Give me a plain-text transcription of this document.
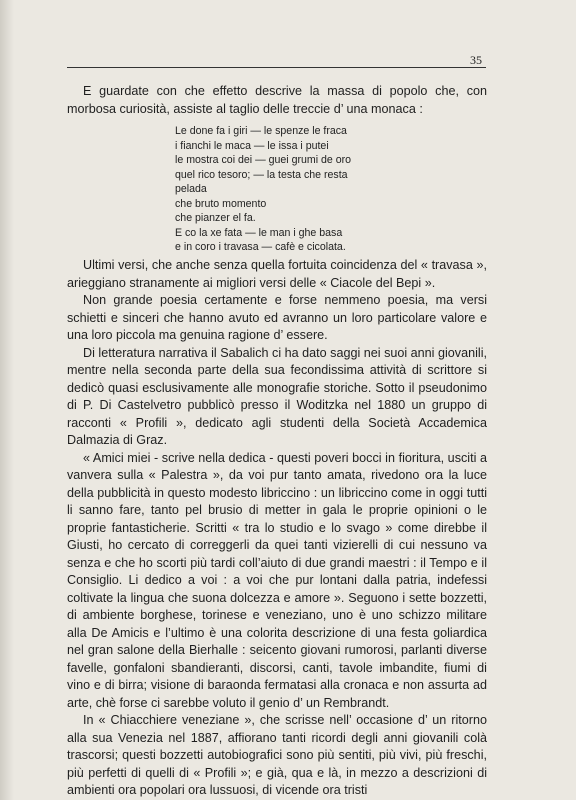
35

E guardate con che effetto descrive la massa di popolo che, con morbosa curiosità, assiste al taglio delle treccie d’ una monaca :

Le done fa i giri — le spenze le fraca
i fianchi le maca — le issa i putei
le mostra coi dei — guei grumi de oro
quel rico tesoro; — la testa che resta
pelada
che bruto momento
che pianzer el fa.
E co la xe fata — le man i ghe basa
e in coro i travasa — cafè e cicolata.

Ultimi versi, che anche senza quella fortuita coincidenza del « travasa », arieggiano stranamente ai migliori versi delle « Ciacole del Bepi ».

Non grande poesia certamente e forse nemmeno poesia, ma versi schietti e sinceri che hanno avuto ed avranno un loro particolare valore e una loro piccola ma genuina ragione d’ essere.

Di letteratura narrativa il Sabalich ci ha dato saggi nei suoi anni giovanili, mentre nella seconda parte della sua fecondissima attività di scrittore si dedicò quasi esclusivamente alle monografie storiche. Sotto il pseudonimo di P. Di Castelvetro pubblicò presso il Woditzka nel 1880 un gruppo di racconti « Profili », dedicato agli studenti della Società Accademica Dalmazia di Graz.

« Amici miei - scrive nella dedica - questi poveri bocci in fioritura, usciti a vanvera sulla « Palestra », da voi pur tanto amata, rivedono ora la luce della pubblicità in questo modesto libriccino : un libriccino come in oggi tutti li sanno fare, tanto pel brusio di metter in gala le proprie opinioni o le proprie fantasticherie. Scritti « tra lo studio e lo svago » come direbbe il Giusti, ho cercato di correggerli da quei tanti vizierelli di cui nessuno va senza e che ho scorti più tardi coll’aiuto di due grandi maestri : il Tempo e il Consiglio. Li dedico a voi : a voi che pur lontani dalla patria, indefessi coltivate la lingua che suona dolcezza e amore ». Seguono i sette bozzetti, di ambiente borghese, torinese e veneziano, uno è uno schizzo militare alla De Amicis e l’ultimo è una colorita descrizione di una festa goliardica nel gran salone della Bierhalle : seicento giovani rumorosi, parlanti diverse favelle, gonfaloni sbandieranti, discorsi, canti, tavole imbandite, fiumi di vino e di birra; visione di baraonda fermatasi alla cronaca e non assurta ad arte, chè forse ci sarebbe voluto il genio d’ un Rembrandt.

In « Chiacchiere veneziane », che scrisse nell’ occasione d’ un ritorno alla sua Venezia nel 1887, affiorano tanti ricordi degli anni giovanili colà trascorsi; questi bozzetti autobiografici sono più sentiti, più vivi, più freschi, più perfetti di quelli di « Profili »; e già, qua e là, in mezzo a descrizioni di ambienti ora popolari ora lussuosi, di vicende ora tristi
